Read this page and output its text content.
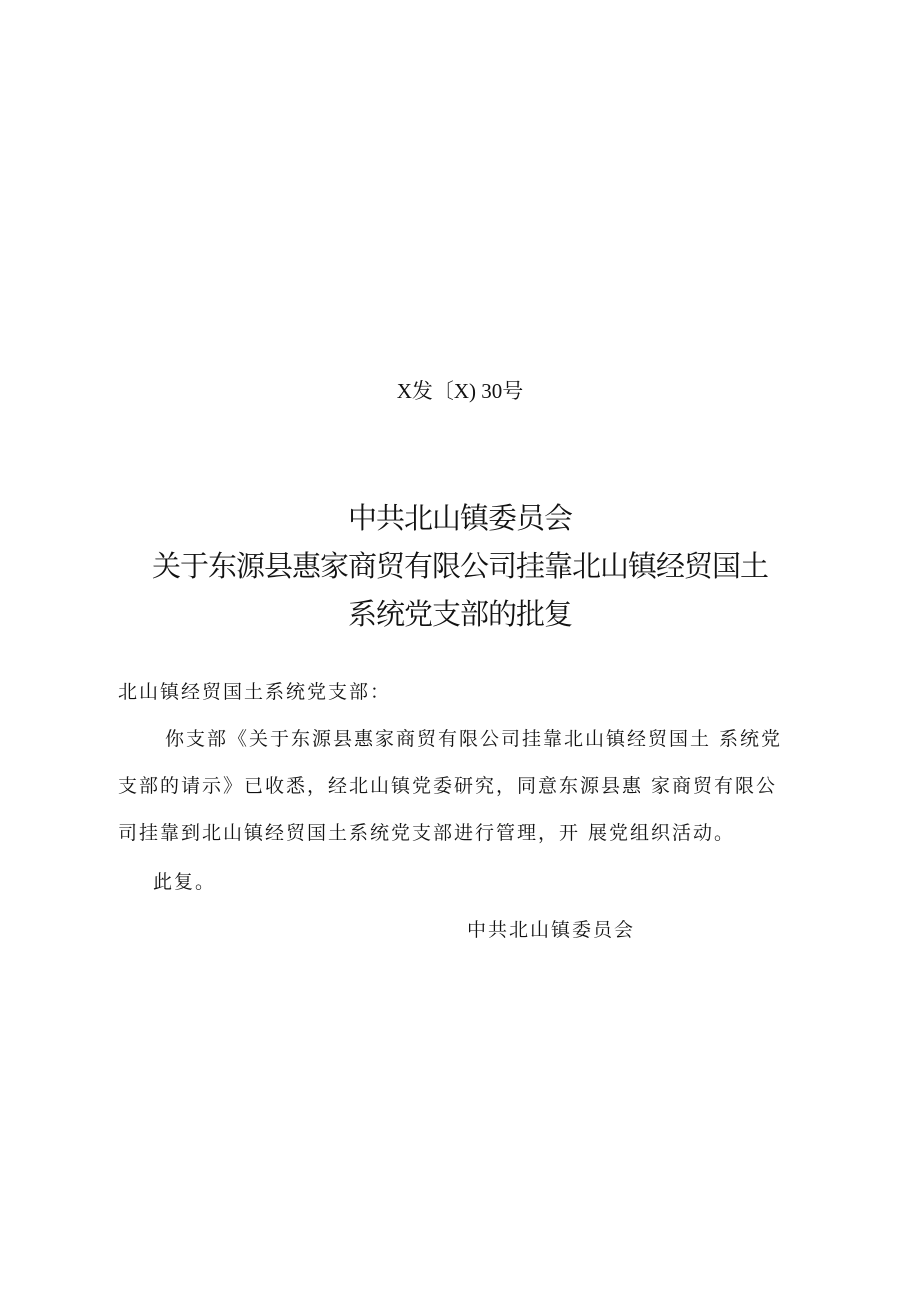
X发〔X) 30号
中共北山镇委员会
关于东源县惠家商贸有限公司挂靠北山镇经贸国土
系统党支部的批复
北山镇经贸国土系统党支部：
你支部《关于东源县惠家商贸有限公司挂靠北山镇经贸国土 系统党
支部的请示》已收悉，经北山镇党委研究，同意东源县惠 家商贸有限公
司挂靠到北山镇经贸国土系统党支部进行管理，开 展党组织活动。
此复。
中共北山镇委员会
